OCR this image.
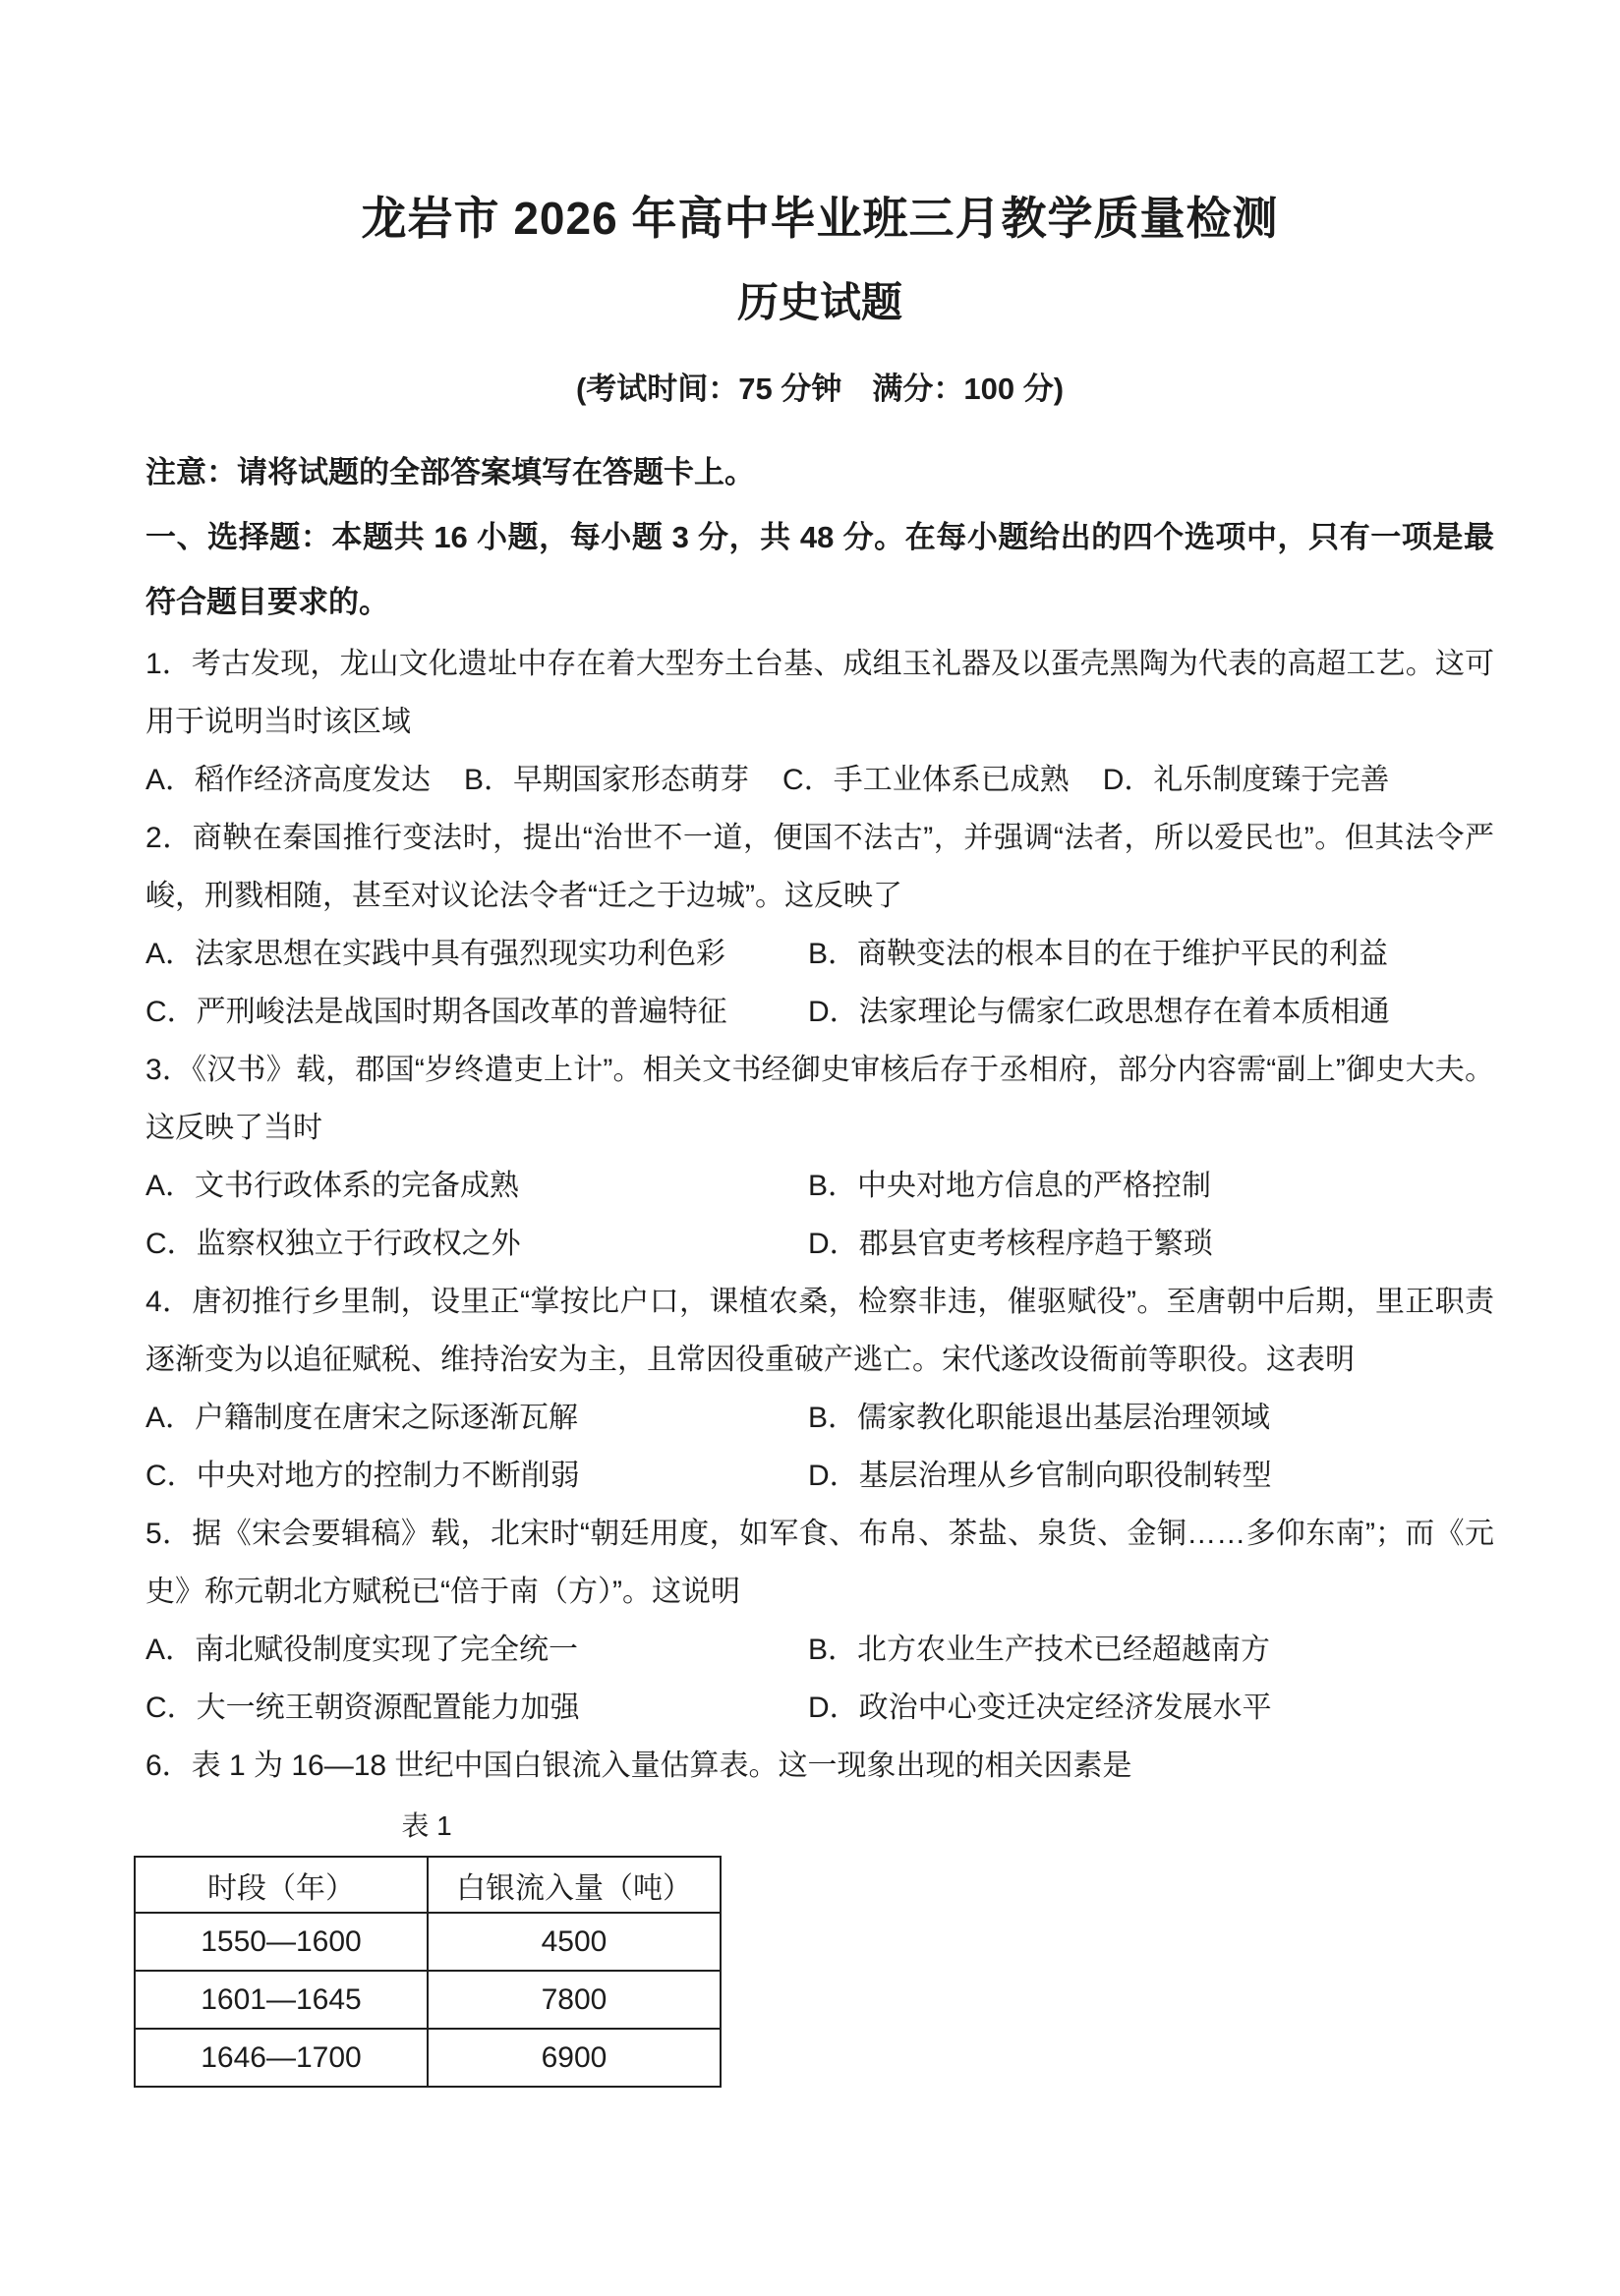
龙岩市 2026 年高中毕业班三月教学质量检测
历史试题

(考试时间：75 分钟　满分：100 分)

注意：请将试题的全部答案填写在答题卡上。

一、选择题：本题共 16 小题，每小题 3 分，共 48 分。在每小题给出的四个选项中，只有一项是最符合题目要求的。

1．考古发现，龙山文化遗址中存在着大型夯土台基、成组玉礼器及以蛋壳黑陶为代表的高超工艺。这可用于说明当时该区域

A．稻作经济高度发达 B．早期国家形态萌芽 C．手工业体系已成熟 D．礼乐制度臻于完善

2．商鞅在秦国推行变法时，提出“治世不一道，便国不法古”，并强调“法者，所以爱民也”。但其法令严峻，刑戮相随，甚至对议论法令者“迁之于边城”。这反映了

A．法家思想在实践中具有强烈现实功利色彩	B．商鞅变法的根本目的在于维护平民的利益
C．严刑峻法是战国时期各国改革的普遍特征	D．法家理论与儒家仁政思想存在着本质相通

3．《汉书》载，郡国“岁终遣吏上计”。相关文书经御史审核后存于丞相府，部分内容需“副上”御史大夫。这反映了当时

A．文书行政体系的完备成熟	B．中央对地方信息的严格控制
C．监察权独立于行政权之外	D．郡县官吏考核程序趋于繁琐

4．唐初推行乡里制，设里正“掌按比户口，课植农桑，检察非违，催驱赋役”。至唐朝中后期，里正职责逐渐变为以追征赋税、维持治安为主，且常因役重破产逃亡。宋代遂改设衙前等职役。这表明

A．户籍制度在唐宋之际逐渐瓦解	B．儒家教化职能退出基层治理领域
C．中央对地方的控制力不断削弱	D．基层治理从乡官制向职役制转型

5．据《宋会要辑稿》载，北宋时“朝廷用度，如军食、布帛、茶盐、泉货、金铜……多仰东南”；而《元史》称元朝北方赋税已“倍于南（方）”。这说明

A．南北赋役制度实现了完全统一	B．北方农业生产技术已经超越南方
C．大一统王朝资源配置能力加强	D．政治中心变迁决定经济发展水平

6．表 1 为 16—18 世纪中国白银流入量估算表。这一现象出现的相关因素是

表 1

时段（年）	白银流入量（吨）
1550—1600	4500
1601—1645	7800
1646—1700	6900
